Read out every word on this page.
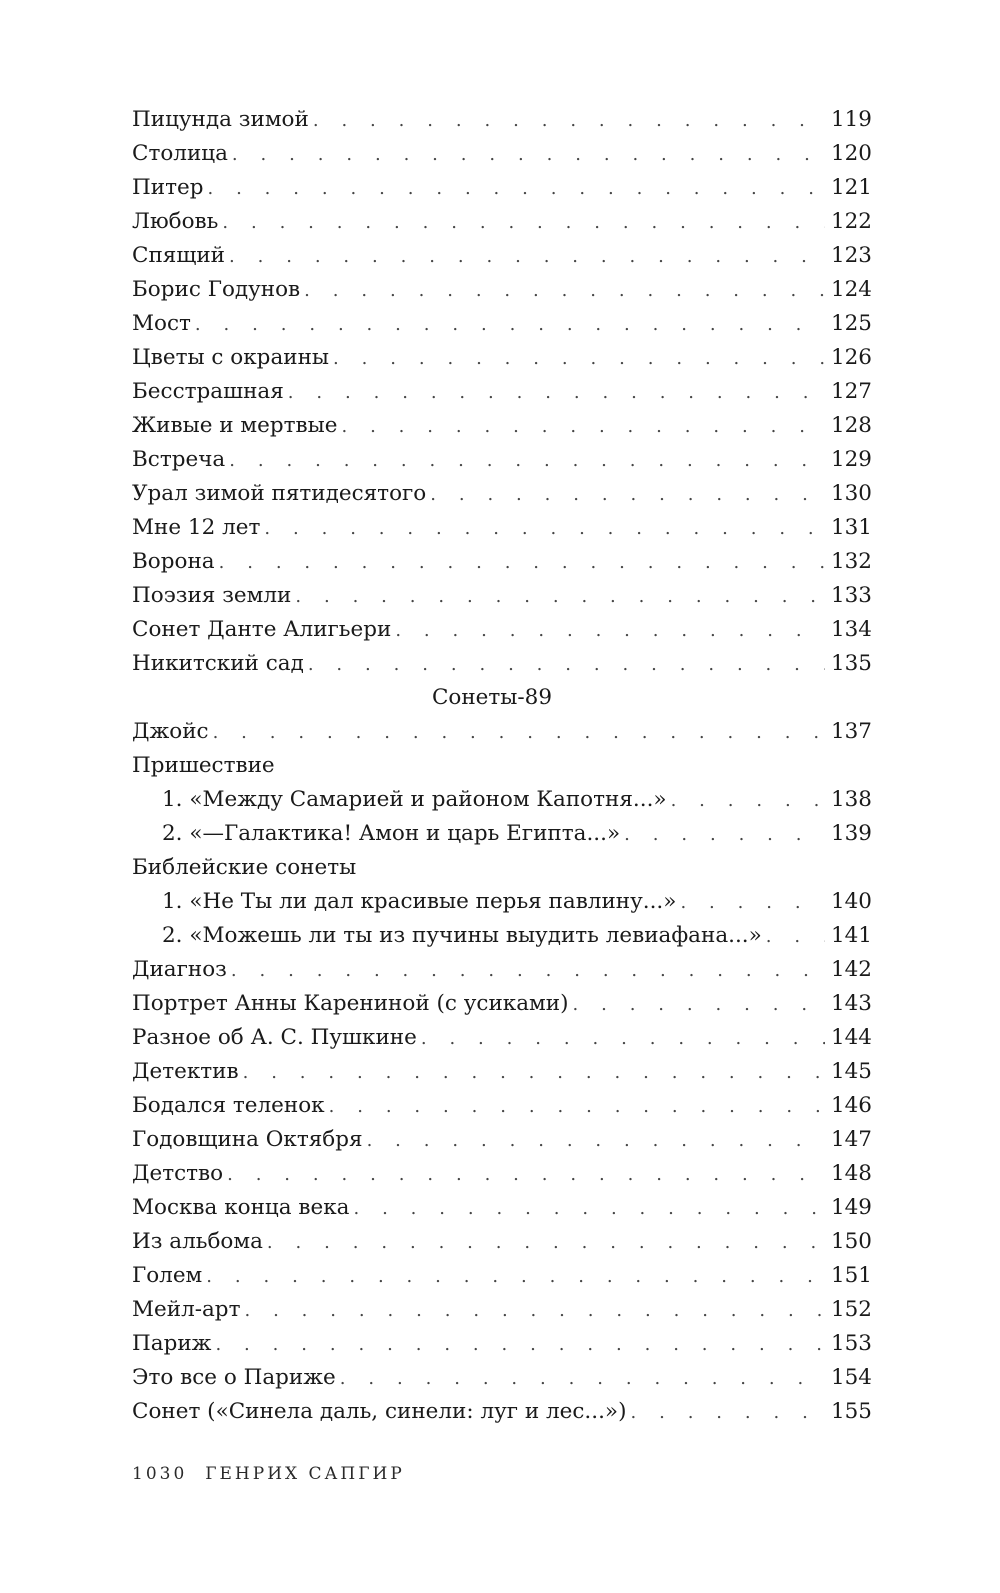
Пицунда зимой .	119
Столица .	120
Питер .	121
Любовь .	122
Спящий .	123
Борис Годунов .	124
Мост .	125
Цветы с окраины .	126
Бесстрашная .	127
Живые и мертвые .	128
Встреча .	129
Урал зимой пятидесятого .	130
Мне 12 лет .	131
Ворона .	132
Поэзия земли .	133
Сонет Данте Алигьери .	134
Никитский сад .	135
Сонеты-89
Джойс .	137
Пришествие
1. «Между Самарией и районом Капотня...» .	138
2. «—Галактика! Амон и царь Египта...» .	139
Библейские сонеты
1. «Не Ты ли дал красивые перья павлину...» .	140
2. «Можешь ли ты из пучины выудить левиафана...» .	141
Диагноз .	142
Портрет Анны Карениной (с усиками) .	143
Разное об А. С. Пушкине .	144
Детектив .	145
Бодался теленок .	146
Годовщина Октября .	147
Детство .	148
Москва конца века .	149
Из альбома .	150
Голем .	151
Мейл-арт .	152
Париж .	153
Это все о Париже .	154
Сонет («Синела даль, синели: луг и лес...») .	155
1030 ГЕНРИХ САПГИР
